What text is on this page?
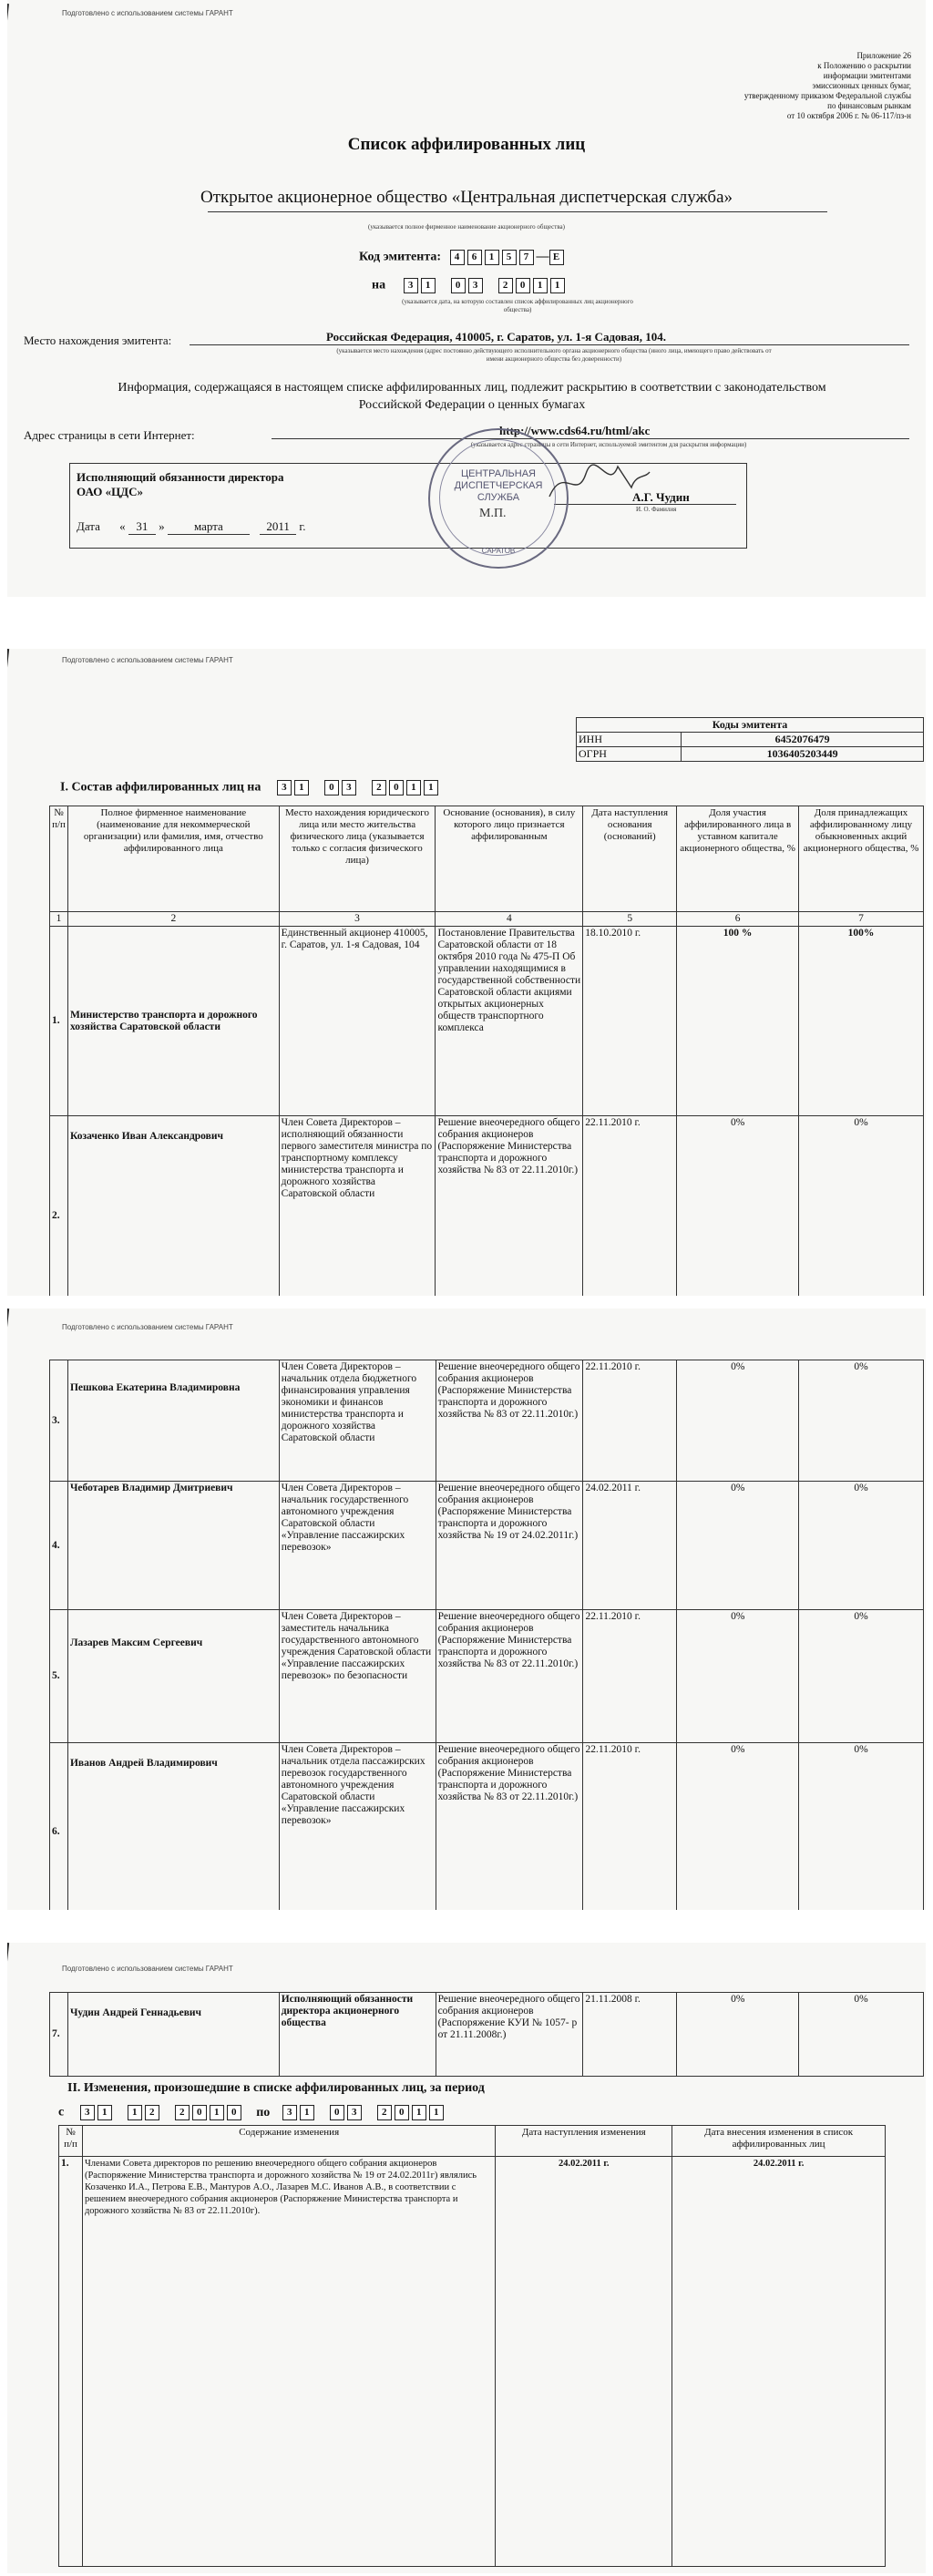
Подготовлено с использованием системы ГАРАНТ
Приложение 26
к Положению о раскрытии
информации эмитентами
эмиссионных ценных бумаг,
утвержденному приказом Федеральной службы
по финансовым рынкам
от 10 октября 2006 г. № 06-117/пз-н
Список аффилированных лиц
Открытое акционерное общество «Центральная диспетчерская служба»
(указывается полное фирменное наименование акционерного общества)
Код эмитента:	4	6	1	5	7 — Е
на	3	1	0	3	2	0	1	1
(указывается дата, на которую составлен список аффилированных лиц акционерного общества)
Место нахождения эмитента:	Российская Федерация, 410005, г. Саратов, ул. 1-я Садовая, 104.
(указывается место нахождения (адрес постоянно действующего исполнительного органа акционерного общества (иного лица, имеющего право действовать от имени акционерного общества без доверенности)
Информация, содержащаяся в настоящем списке аффилированных лиц, подлежит раскрытию в соответствии с законодательством Российской Федерации о ценных бумагах
Адрес страницы в сети Интернет:	http://www.cds64.ru/html/akc
(указывается адрес страницы в сети Интернет, используемой эмитентом для раскрытия информации)
Исполняющий обязанности директора
ОАО «ЦДС»	А.Г. Чудин
И. О. Фамилия
Дата « 31 » марта	2011 г.
ЦЕНТРАЛЬНАЯ
ДИСПЕТЧЕРСКАЯ
СЛУЖБА
САРАТОВ
М.П.
Подготовлено с использованием системы ГАРАНТ
Коды эмитента	
ИНН	6452076479
ОГРН	1036405203449
I. Состав аффилированных лиц на	3	1	0	3	2	0	1	1
№ п/п	Полное фирменное наименование (наименование для некоммерческой организации) или фамилия, имя, отчество аффилированного лица	Место нахождения юридического лица или место жительства физического лица (указывается только с согласия физического лица)	Основание (основания), в силу которого лицо признается аффилированным	Дата наступления основания (оснований)	Доля участия аффилированного лица в уставном капитале акционерного общества, %	Доля принадлежащих аффилированному лицу обыкновенных акций акционерного общества, %
1	2	3	4	5	6	7
1.	Министерство транспорта и дорожного хозяйства Саратовской области	Единственный акционер 410005, г. Саратов, ул. 1-я Садовая, 104	Постановление Правительства Саратовской области от 18 октября 2010 года № 475-П Об управлении находящимися в государственной собственности Саратовской области акциями открытых акционерных обществ транспортного комплекса	18.10.2010 г.	100 %	100%
2.	Козаченко Иван Александрович	Член Совета Директоров – исполняющий обязанности первого заместителя министра по транспортному комплексу министерства транспорта и дорожного хозяйства Саратовской области	Решение внеочередного общего собрания акционеров (Распоряжение Министерства транспорта и дорожного хозяйства № 83 от 22.11.2010г.)	22.11.2010 г.	0%	0%
Подготовлено с использованием системы ГАРАНТ
3.	Пешкова Екатерина Владимировна	Член Совета Директоров – начальник отдела бюджетного финансирования управления экономики и финансов министерства транспорта и дорожного хозяйства Саратовской области	Решение внеочередного общего собрания акционеров (Распоряжение Министерства транспорта и дорожного хозяйства № 83 от 22.11.2010г.)	22.11.2010 г.	0%	0%
4.	Чеботарев Владимир Дмитриевич	Член Совета Директоров – начальник государственного автономного учреждения Саратовской области «Управление пассажирских перевозок»	Решение внеочередного общего собрания акционеров (Распоряжение Министерства транспорта и дорожного хозяйства № 19 от 24.02.2011г.)	24.02.2011 г.	0%	0%
5.	Лазарев Максим Сергеевич	Член Совета Директоров – заместитель начальника государственного автономного учреждения Саратовской области «Управление пассажирских перевозок» по безопасности	Решение внеочередного общего собрания акционеров (Распоряжение Министерства транспорта и дорожного хозяйства № 83 от 22.11.2010г.)	22.11.2010 г.	0%	0%
6.	Иванов Андрей Владимирович	Член Совета Директоров – начальник отдела пассажирских перевозок государственного автономного учреждения Саратовской области «Управление пассажирских перевозок»	Решение внеочередного общего собрания акционеров (Распоряжение Министерства транспорта и дорожного хозяйства № 83 от 22.11.2010г.)	22.11.2010 г.	0%	0%
Подготовлено с использованием системы ГАРАНТ
7.	Чудин Андрей Геннадьевич	Исполняющий обязанности директора акционерного общества	Решение внеочередного общего собрания акционеров (Распоряжение КУИ № 1057- р от 21.11.2008г.)	21.11.2008 г.	0%	0%
II. Изменения, произошедшие в списке аффилированных лиц, за период
с	3	1	1	2	2	0	1	0	по	3	1	0	3	2	0	1	1
№ п/п	Содержание изменения	Дата наступления изменения	Дата внесения изменения в список аффилированных лиц
1.	Членами Совета директоров по решению внеочередного общего собрания акционеров (Распоряжение Министерства транспорта и дорожного хозяйства № 19 от 24.02.2011г) являлись Козаченко И.А., Петрова Е.В., Мантуров А.О., Лазарев М.С. Иванов А.В., в соответствии с решением внеочередного собрания акционеров (Распоряжение Министерства транспорта и дорожного хозяйства № 83 от 22.11.2010г).	24.02.2011 г.	24.02.2011 г.
